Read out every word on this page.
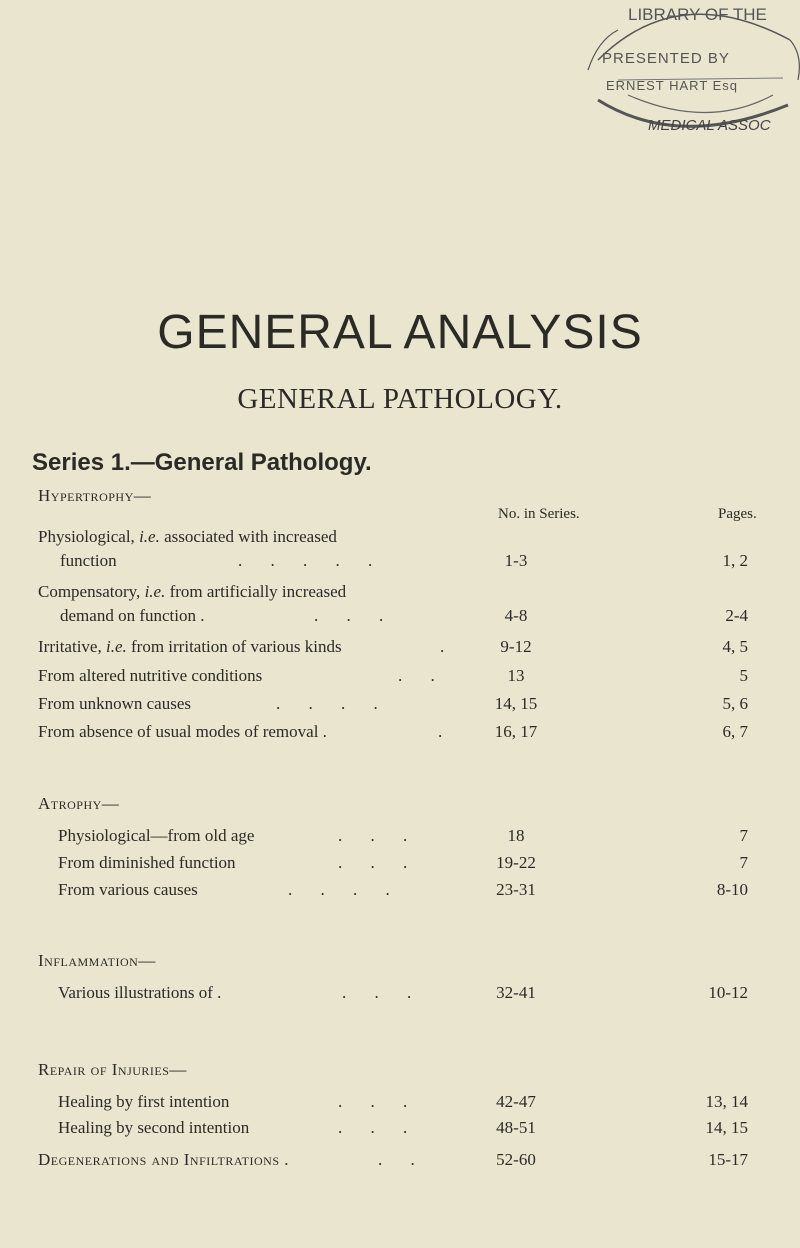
LIBRARY OF THE
PRESENTED BY
ERNEST HART Esq
MEDICAL ASSOC
GENERAL ANALYSIS
GENERAL PATHOLOGY.
Series 1.—General Pathology.
Hypertrophy—
No. in Series.	Pages.
Physiological, i.e. associated with increased
function	. . . . .	1-3	1, 2
Compensatory, i.e. from artificially increased
demand on function .	. . .	4-8	2-4
Irritative, i.e. from irritation of various kinds	.	9-12	4, 5
From altered nutritive conditions	. .	13	5
From unknown causes	. . . .	14, 15	5, 6
From absence of usual modes of removal .	.	16, 17	6, 7
Atrophy—
Physiological—from old age	. . .	18	7
From diminished function	. . .	19-22	7
From various causes	. . . .	23-31	8-10
Inflammation—
Various illustrations of .	. . .	32-41	10-12
Repair of Injuries—
Healing by first intention	. . .	42-47	13, 14
Healing by second intention	. . .	48-51	14, 15
Degenerations and Infiltrations .	. .	52-60	15-17
